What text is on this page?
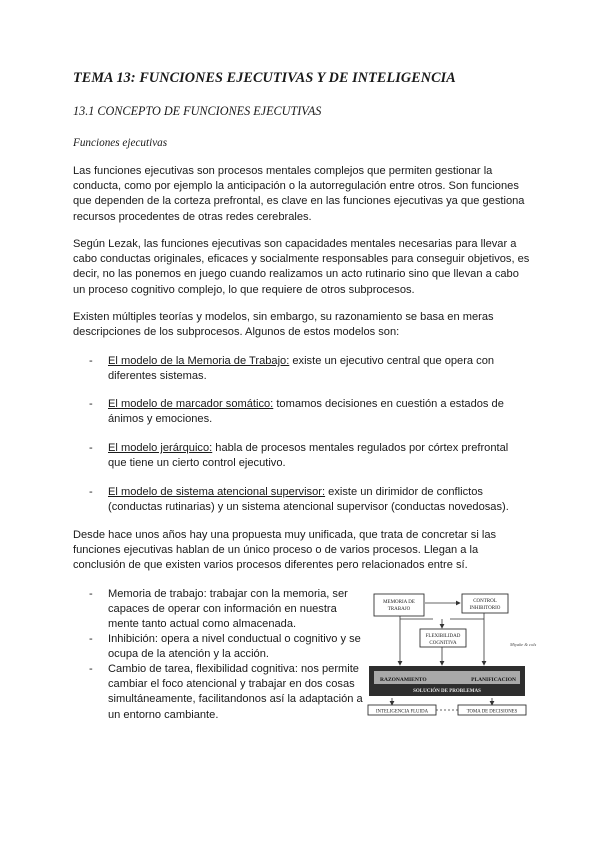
TEMA 13: FUNCIONES EJECUTIVAS Y DE INTELIGENCIA
13.1 CONCEPTO DE FUNCIONES EJECUTIVAS
Funciones ejecutivas

Las funciones ejecutivas son procesos mentales complejos que permiten gestionar la conducta, como por ejemplo la anticipación o la autorregulación entre otros. Son funciones que dependen de la corteza prefrontal, es clave en las funciones ejecutivas ya que gestiona recursos procedentes de otras redes cerebrales.

Según Lezak, las funciones ejecutivas son capacidades mentales necesarias para llevar a cabo conductas originales, eficaces y socialmente responsables para conseguir objetivos, es decir, no las ponemos en juego cuando realizamos un acto rutinario sino que llevan a cabo un proceso cognitivo complejo, lo que requiere de otros subprocesos.

Existen múltiples teorías y modelos, sin embargo, su razonamiento se basa en meras descripciones de los subprocesos. Algunos de estos modelos son:

- El modelo de la Memoria de Trabajo: existe un ejecutivo central que opera con diferentes sistemas.
- El modelo de marcador somático: tomamos decisiones en cuestión a estados de ánimos y emociones.
- El modelo jerárquico: habla de procesos mentales regulados por córtex prefrontal que tiene un cierto control ejecutivo.
- El modelo de sistema atencional supervisor: existe un dirimidor de conflictos (conductas rutinarias) y un sistema atencional supervisor (conductas novedosas).

Desde hace unos años hay una propuesta muy unificada, que trata de concretar si las funciones ejecutivas hablan de un único proceso o de varios procesos. Llegan a la conclusión de que existen varios procesos diferentes pero relacionados entre sí.

- Memoria de trabajo: trabajar con la memoria, ser capaces de operar con información en nuestra mente tanto actual como almacenada.
- Inhibición: opera a nivel conductual o cognitivo y se ocupa de la atención y la acción.
- Cambio de tarea, flexibilidad cognitiva: nos permite cambiar el foco atencional y trabajar en dos cosas simultáneamente, facilitandonos así la adaptación a un entorno cambiante.
MEMORIA DE
TRABAJO
CONTROL
INHIBITORIO
FLEXIBILIDAD
COGNITIVA	Miyake & cols
RAZONAMIENTO	PLANIFICACION
SOLUCIÓN DE PROBLEMAS
INTELIGENCIA FLUIDA	TOMA DE DECISIONES
